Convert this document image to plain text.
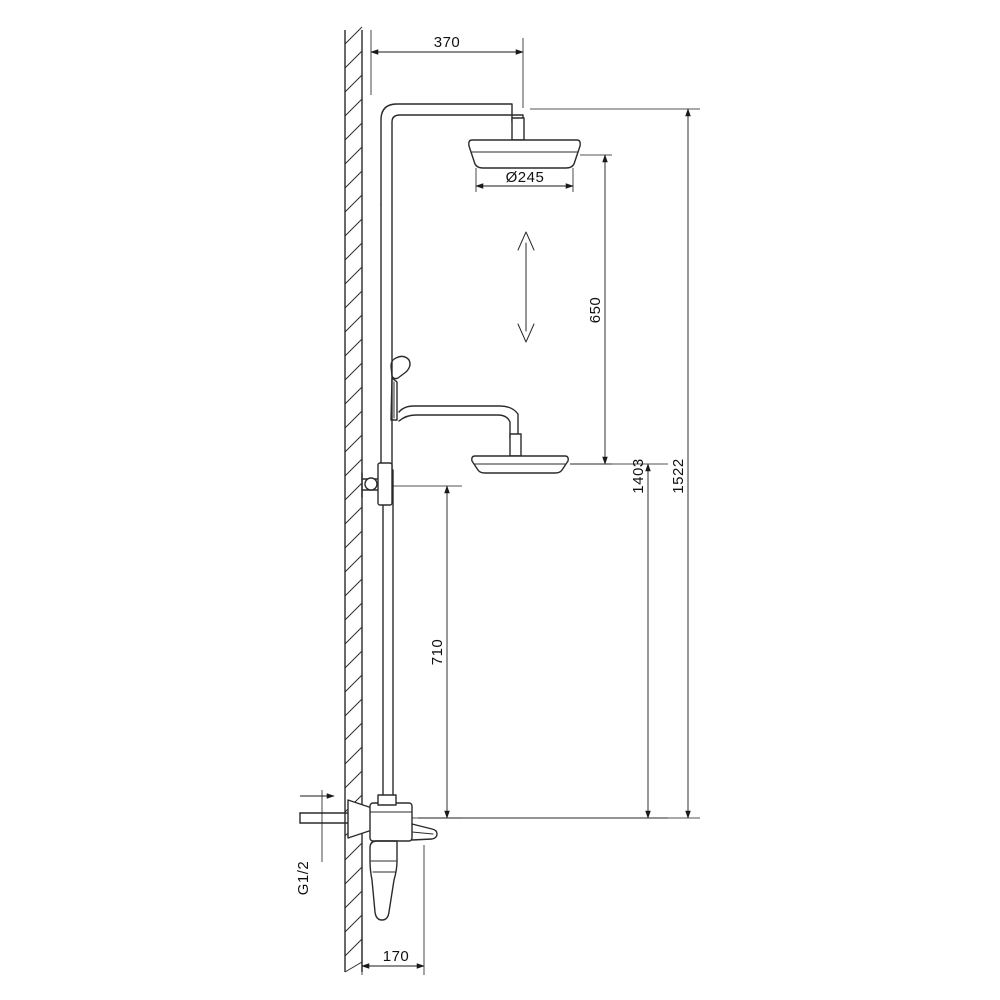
370
Ø245
650
1403 1522
710
G1/2
170
